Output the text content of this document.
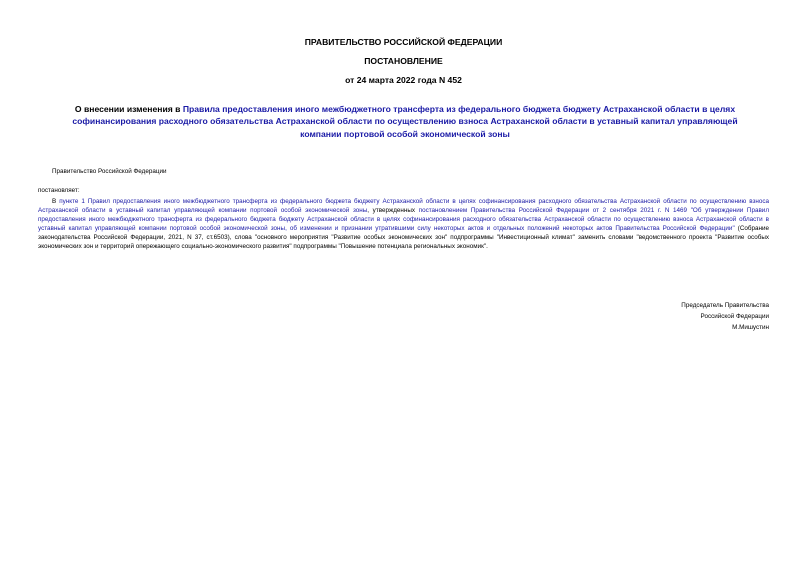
ПРАВИТЕЛЬСТВО РОССИЙСКОЙ ФЕДЕРАЦИИ
ПОСТАНОВЛЕНИЕ
от 24 марта 2022 года N 452
О внесении изменения в Правила предоставления иного межбюджетного трансферта из федерального бюджета бюджету Астраханской области в целях софинансирования расходного обязательства Астраханской области по осуществлению взноса Астраханской области в уставный капитал управляющей компании портовой особой экономической зоны
Правительство Российской Федерации
постановляет:

В пункте 1 Правил предоставления иного межбюджетного трансферта из федерального бюджета бюджету Астраханской области в целях софинансирования расходного обязательства Астраханской области по осуществлению взноса Астраханской области в уставный капитал управляющей компании портовой особой экономической зоны, утвержденных постановлением Правительства Российской Федерации от 2 сентября 2021 г. N 1469 "Об утверждении Правил предоставления иного межбюджетного трансферта из федерального бюджета бюджету Астраханской области в целях софинансирования расходного обязательства Астраханской области по осуществлению взноса Астраханской области в уставный капитал управляющей компании портовой особой экономической зоны, об изменении и признании утратившими силу некоторых актов и отдельных положений некоторых актов Правительства Российской Федерации" (Собрание законодательства Российской Федерации, 2021, N 37, ст.6503), слова "основного мероприятия "Развитие особых экономических зон" подпрограммы "Инвестиционный климат" заменить словами "ведомственного проекта "Развитие особых экономических зон и территорий опережающего социально-экономического развития" подпрограммы "Повышение потенциала региональных экономик".

Председатель Правительства
Российской Федерации
М.Мишустин
